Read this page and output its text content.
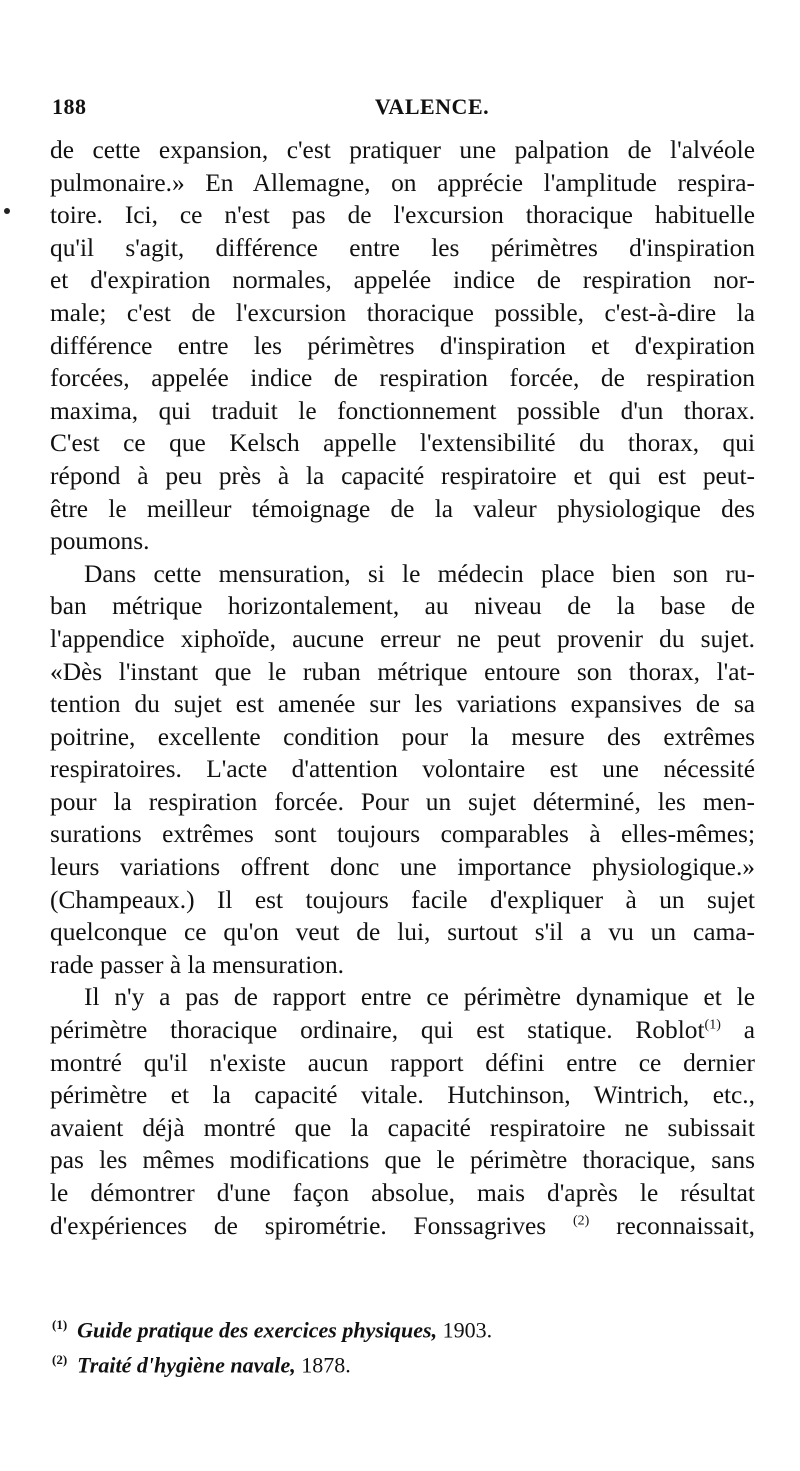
188	VALENCE.
de cette expansion, c'est pratiquer une palpation de l'alvéole
pulmonaire.» En Allemagne, on apprécie l'amplitude respira-
toire. Ici, ce n'est pas de l'excursion thoracique habituelle
qu'il s'agit, différence entre les périmètres d'inspiration
et d'expiration normales, appelée indice de respiration nor-
male; c'est de l'excursion thoracique possible, c'est-à-dire la
différence entre les périmètres d'inspiration et d'expiration
forcées, appelée indice de respiration forcée, de respiration
maxima, qui traduit le fonctionnement possible d'un thorax.
C'est ce que Kelsch appelle l'extensibilité du thorax, qui
répond à peu près à la capacité respiratoire et qui est peut-
être le meilleur témoignage de la valeur physiologique des
poumons.
Dans cette mensuration, si le médecin place bien son ru-
ban métrique horizontalement, au niveau de la base de
l'appendice xiphoïde, aucune erreur ne peut provenir du sujet.
«Dès l'instant que le ruban métrique entoure son thorax, l'at-
tention du sujet est amenée sur les variations expansives de sa
poitrine, excellente condition pour la mesure des extrêmes
respiratoires. L'acte d'attention volontaire est une nécessité
pour la respiration forcée. Pour un sujet déterminé, les men-
surations extrêmes sont toujours comparables à elles-mêmes;
leurs variations offrent donc une importance physiologique.»
(Champeaux.) Il est toujours facile d'expliquer à un sujet
quelconque ce qu'on veut de lui, surtout s'il a vu un cama-
rade passer à la mensuration.
Il n'y a pas de rapport entre ce périmètre dynamique et le
périmètre thoracique ordinaire, qui est statique. Roblot$^{(1)}$ a
montré qu'il n'existe aucun rapport défini entre ce dernier
périmètre et la capacité vitale. Hutchinson, Wintrich, etc.,
avaient déjà montré que la capacité respiratoire ne subissait
pas les mêmes modifications que le périmètre thoracique, sans
le démontrer d'une façon absolue, mais d'après le résultat
d'expériences de spirométrie. Fonssagrives $^{(2)}$ reconnaissait,
$^{(1)}$ Guide pratique des exercices physiques, 1903.
$^{(2)}$ Traité d'hygiène navale, 1878.
